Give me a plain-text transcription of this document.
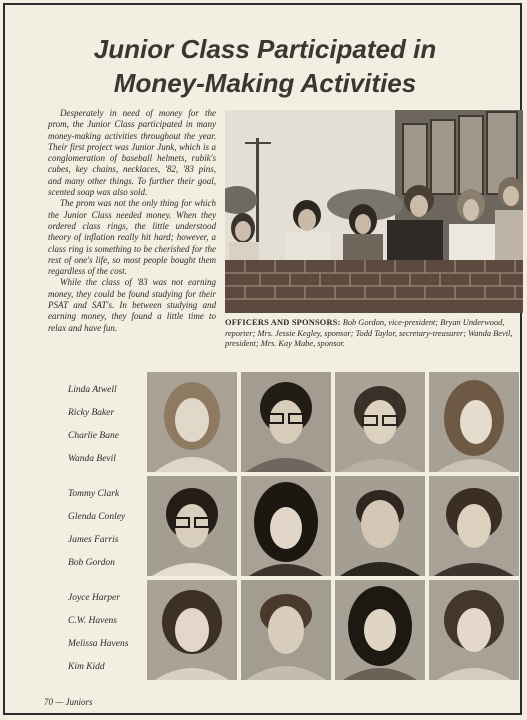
Junior Class Participated in
Money-Making Activities

Desperately in need of money for the prom, the Junior Class participated in many money-making activities throughout the year. Their first project was Junior Junk, which is a conglomeration of baseball helmets, rubik's cubes, key chains, necklaces, '82, '83 pins, and many other things. To further their goal, scented soap was also sold.

The prom was not the only thing for which the Junior Class needed money. When they ordered class rings, the little understood theory of inflation really hit hard; however, a class ring is something to be cherished for the rest of one's life, so most people bought them regardless of the cost.

While the class of '83 was not earning money, they could be found studying for their PSAT and SAT's. In between studying and earning money, they found a little time to relax and have fun.

OFFICERS AND SPONSORS: Bob Gordon, vice-president; Bryan Underwood, reporter; Mrs. Jessie Kegley, sponsor; Todd Taylor, secretary-treasurer; Wanda Bevil, president; Mrs. Kay Mabe, sponsor.
Linda Atwell
Ricky Baker
Charlie Bane
Wanda Bevil
Tommy Clark
Glenda Conley
James Farris
Bob Gordon
Joyce Harper
C.W. Havens
Melissa Havens
Kim Kidd
70 — Juniors
